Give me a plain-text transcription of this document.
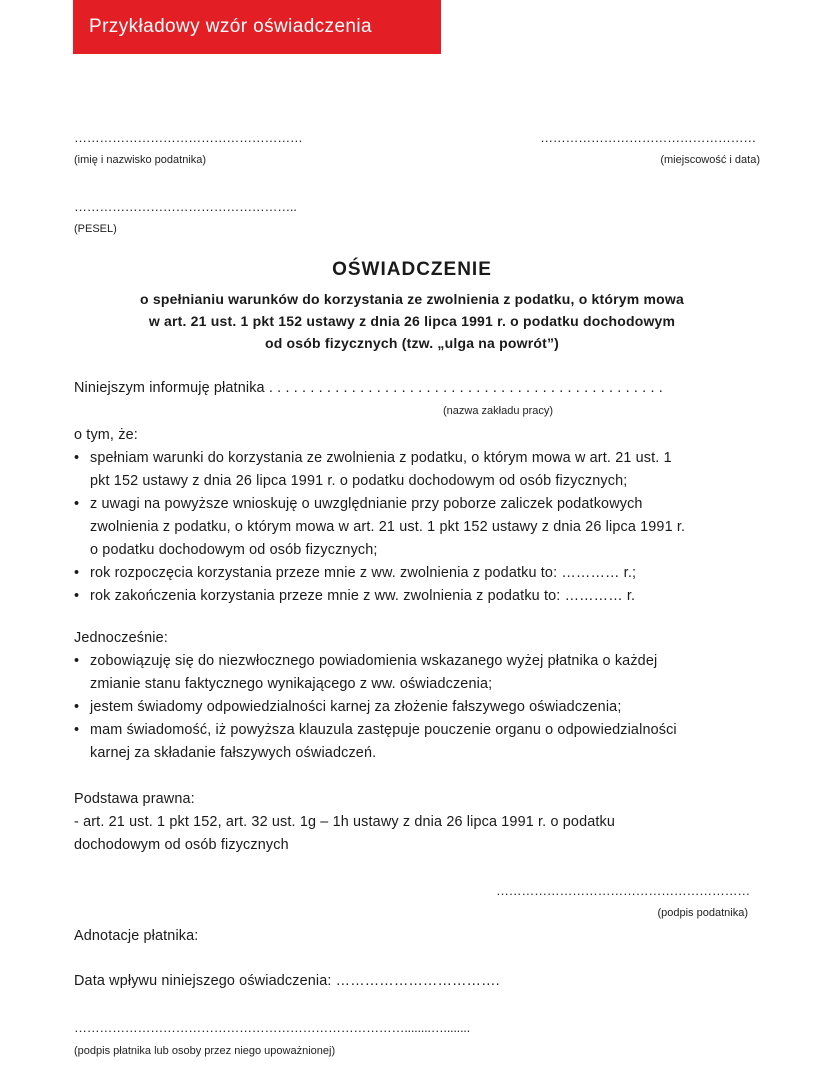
Przykładowy wzór oświadczenia
………………………………………………
(imię i nazwisko podatnika)
……………………………………………
(miejscowość i data)
……………………………………………..
(PESEL)
OŚWIADCZENIE
o spełnianiu warunków do korzystania ze zwolnienia z podatku, o którym mowa
w art. 21 ust. 1 pkt 152 ustawy z dnia 26 lipca 1991 r. o podatku dochodowym
od osób fizycznych (tzw. „ulga na powrót”)
Niniejszym informuję płatnika . . . . . . . . . . . . . . . . . . . . . . . . . . . . . . . . . . . . . . . . . . . . . . . .
(nazwa zakładu pracy)
o tym, że:
• spełniam warunki do korzystania ze zwolnienia z podatku, o którym mowa w art. 21 ust. 1
pkt 152 ustawy z dnia 26 lipca 1991 r. o podatku dochodowym od osób fizycznych;
• z uwagi na powyższe wnioskuję o uwzględnianie przy poborze zaliczek podatkowych
zwolnienia z podatku, o którym mowa w art. 21 ust. 1 pkt 152 ustawy z dnia 26 lipca 1991 r.
o podatku dochodowym od osób fizycznych;
• rok rozpoczęcia korzystania przeze mnie z ww. zwolnienia z podatku to: ………… r.;
• rok zakończenia korzystania przeze mnie z ww. zwolnienia z podatku to: ………… r.
Jednocześnie:
• zobowiązuję się do niezwłocznego powiadomienia wskazanego wyżej płatnika o każdej
zmianie stanu faktycznego wynikającego z ww. oświadczenia;
• jestem świadomy odpowiedzialności karnej za złożenie fałszywego oświadczenia;
• mam świadomość, iż powyższa klauzula zastępuje pouczenie organu o odpowiedzialności
karnej za składanie fałszywych oświadczeń.
Podstawa prawna:
- art. 21 ust. 1 pkt 152, art. 32 ust. 1g – 1h ustawy z dnia 26 lipca 1991 r. o podatku
dochodowym od osób fizycznych
……………………………………………………
(podpis podatnika)
Adnotacje płatnika:
Data wpływu niniejszego oświadczenia: …………………………….
……………………………………………………………………........…........
(podpis płatnika lub osoby przez niego upoważnionej)
